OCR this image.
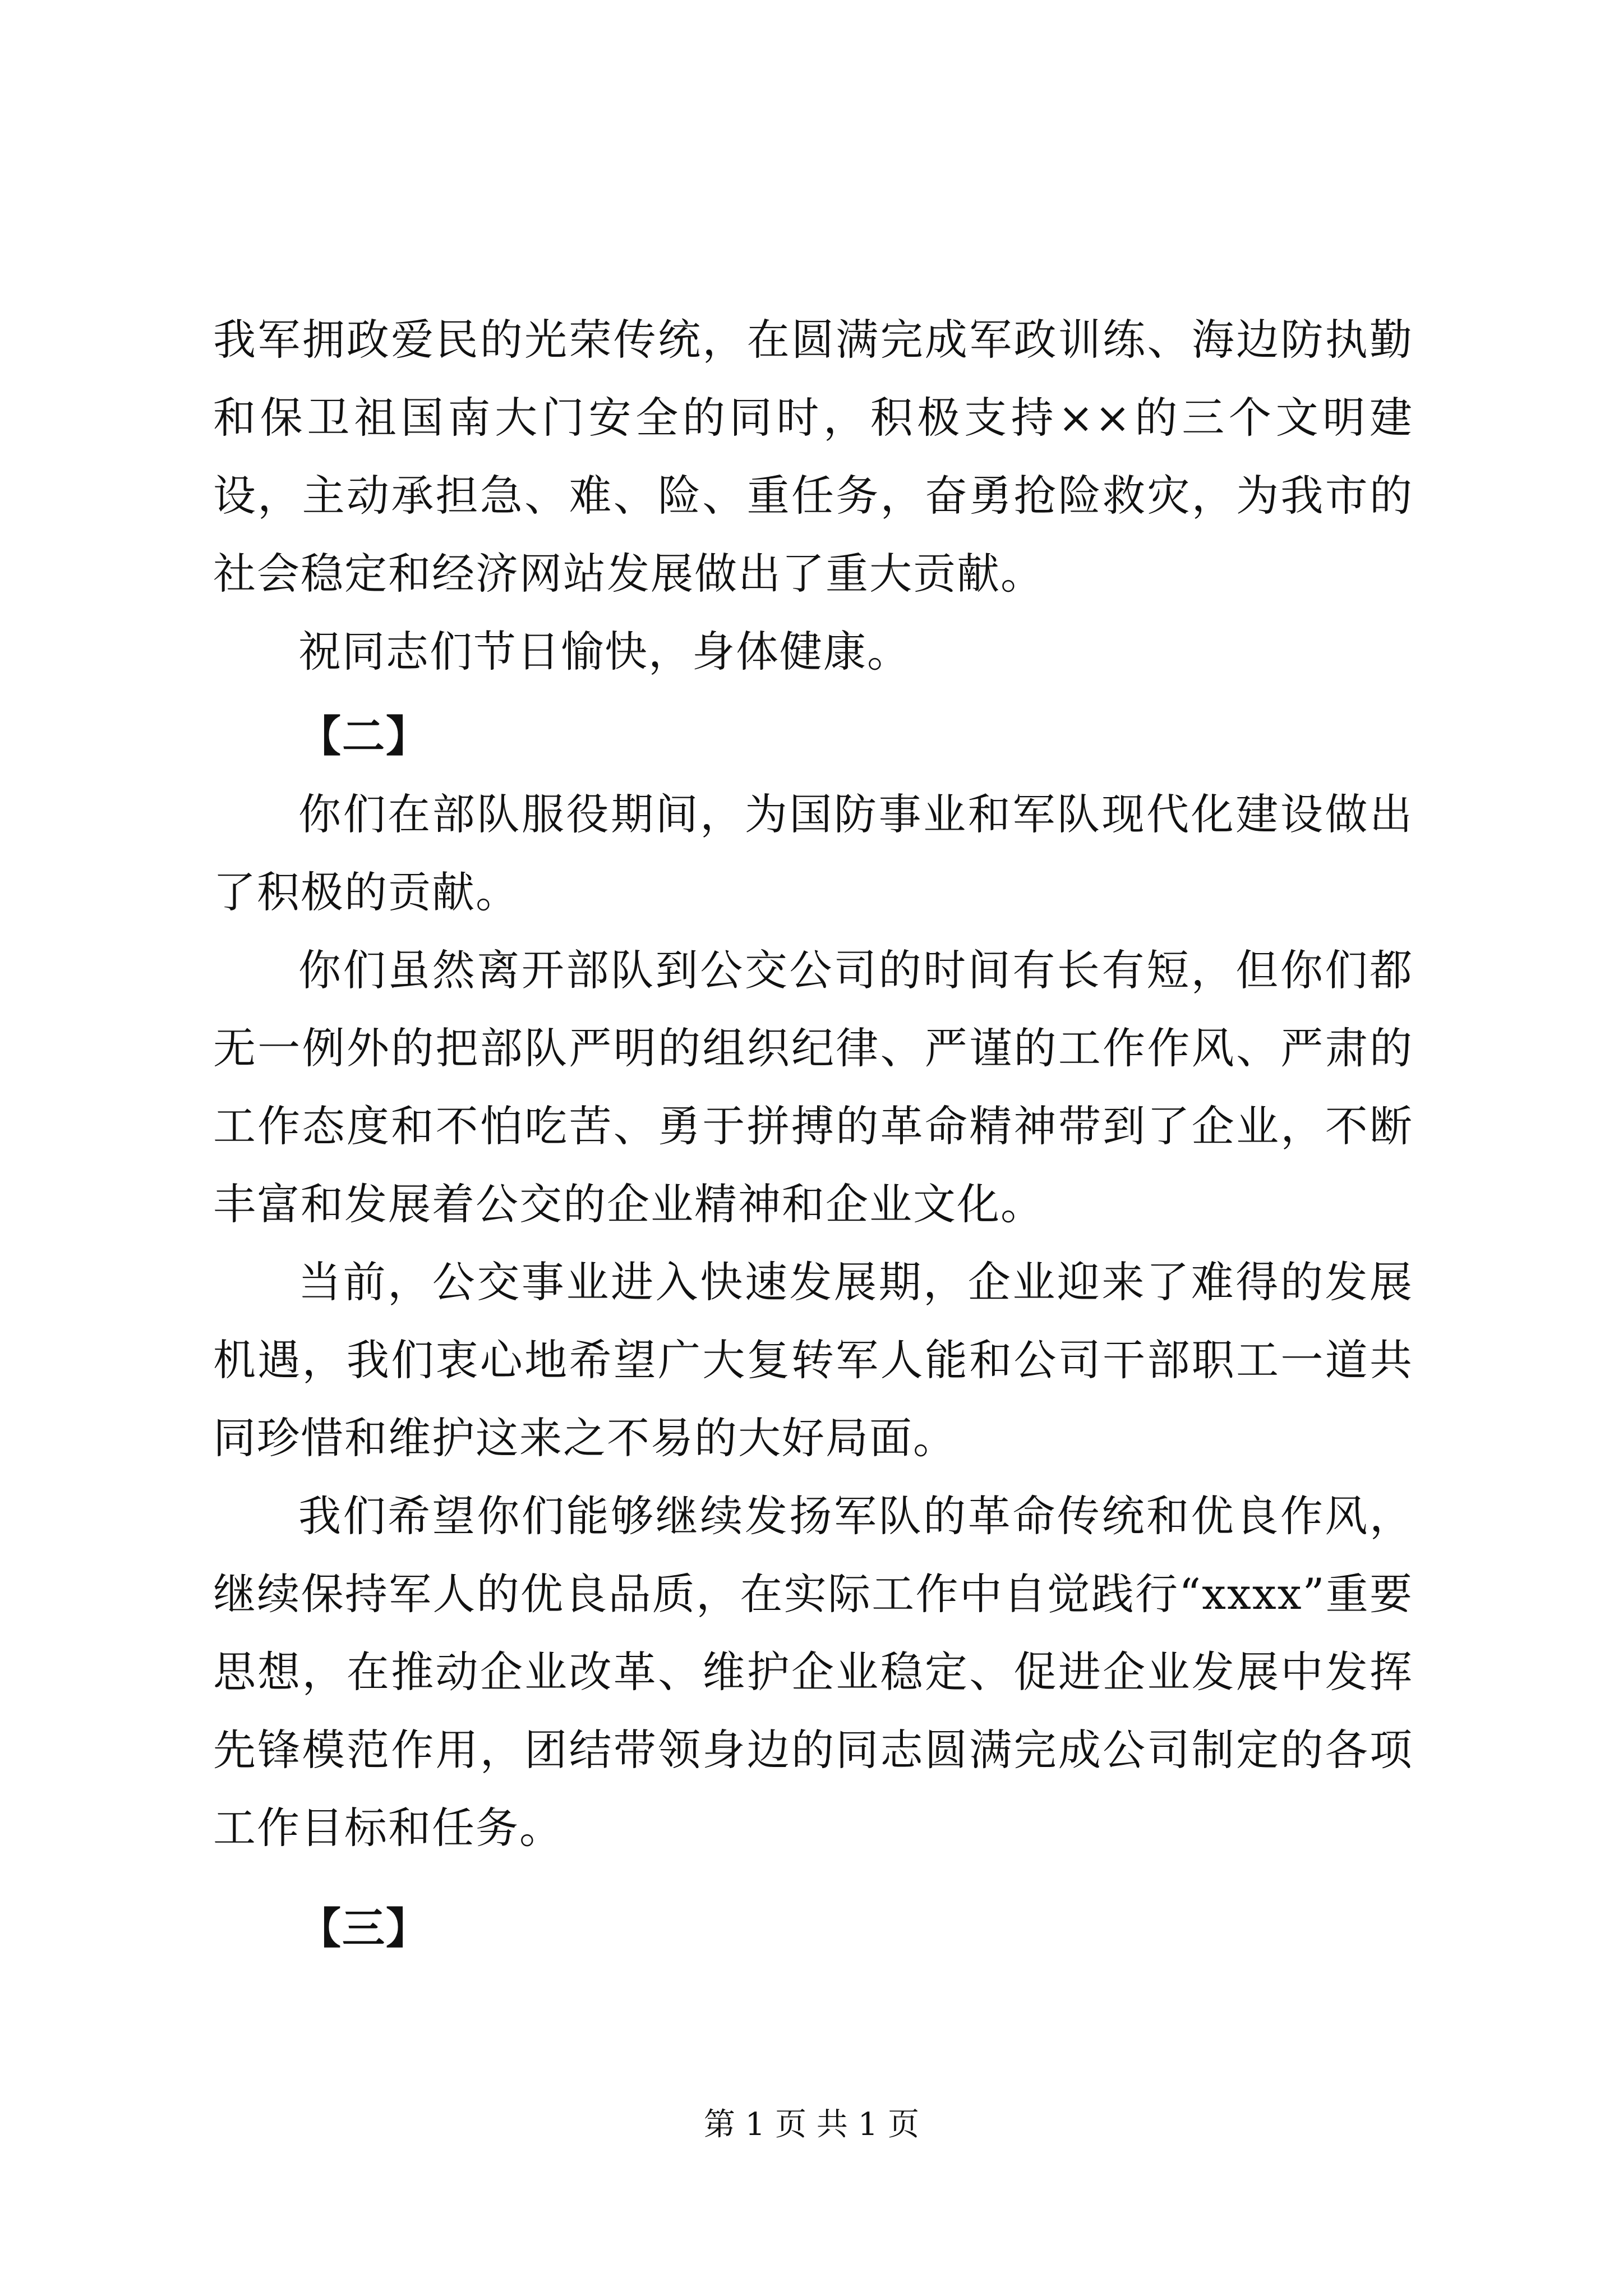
我军拥政爱民的光荣传统，在圆满完成军政训练、海边防执勤和保卫祖国南大门安全的同时，积极支持××的三个文明建设，主动承担急、难、险、重任务，奋勇抢险救灾，为我市的社会稳定和经济网站发展做出了重大贡献。

祝同志们节日愉快，身体健康。

【二】

你们在部队服役期间，为国防事业和军队现代化建设做出了积极的贡献。

你们虽然离开部队到公交公司的时间有长有短，但你们都无一例外的把部队严明的组织纪律、严谨的工作作风、严肃的工作态度和不怕吃苦、勇于拼搏的革命精神带到了企业，不断丰富和发展着公交的企业精神和企业文化。

当前，公交事业进入快速发展期，企业迎来了难得的发展机遇，我们衷心地希望广大复转军人能和公司干部职工一道共同珍惜和维护这来之不易的大好局面。

我们希望你们能够继续发扬军队的革命传统和优良作风，继续保持军人的优良品质，在实际工作中自觉践行“xxxx”重要思想，在推动企业改革、维护企业稳定、促进企业发展中发挥先锋模范作用，团结带领身边的同志圆满完成公司制定的各项工作目标和任务。

【三】

第 1 页 共 1 页
